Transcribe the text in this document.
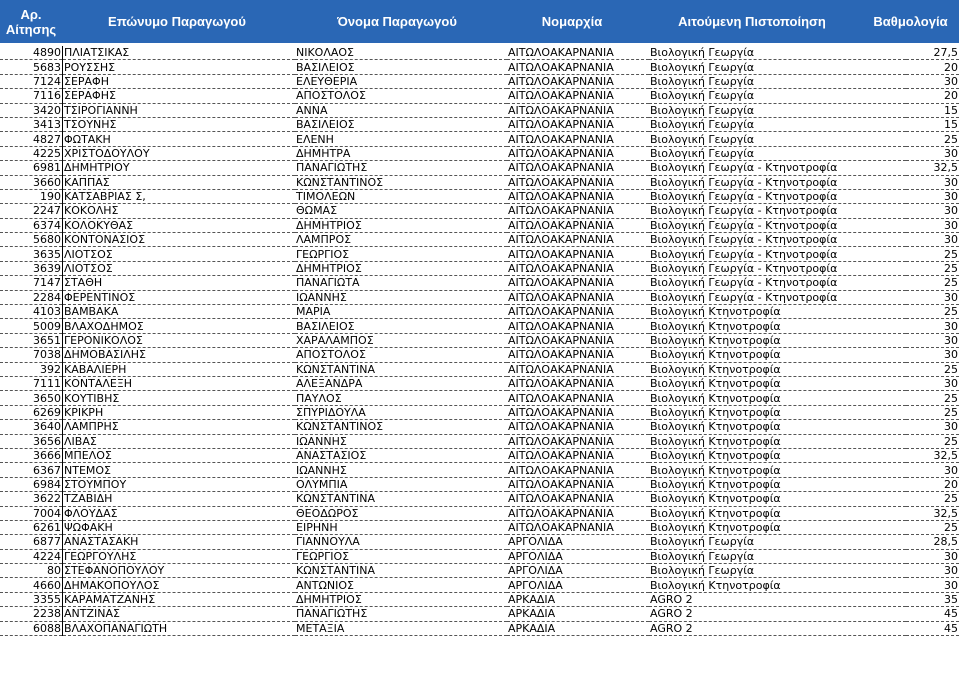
Αρ. Αίτησης	Επώνυμο Παραγωγού	Όνομα Παραγωγού	Νομαρχία	Αιτούμενη Πιστοποίηση	Βαθμολογία
4890	ΠΛΙΑΤΣΙΚΑΣ	ΝΙΚΟΛΑΟΣ	ΑΙΤΩΛΟΑΚΑΡΝΑΝΙΑ	Βιολογική Γεωργία	27,5
5683	ΡΟΥΣΣΗΣ	ΒΑΣΙΛΕΙΟΣ	ΑΙΤΩΛΟΑΚΑΡΝΑΝΙΑ	Βιολογική Γεωργία	20
7124	ΣΕΡΑΦΗ	ΕΛΕΥΘΕΡΙΑ	ΑΙΤΩΛΟΑΚΑΡΝΑΝΙΑ	Βιολογική Γεωργία	30
7116	ΣΕΡΑΦΗΣ	ΑΠΟΣΤΟΛΟΣ	ΑΙΤΩΛΟΑΚΑΡΝΑΝΙΑ	Βιολογική Γεωργία	20
3420	ΤΣΙΡΟΓΙΑΝΝΗ	ΑΝΝΑ	ΑΙΤΩΛΟΑΚΑΡΝΑΝΙΑ	Βιολογική Γεωργία	15
3413	ΤΣΟΥΝΗΣ	ΒΑΣΙΛΕΙΟΣ	ΑΙΤΩΛΟΑΚΑΡΝΑΝΙΑ	Βιολογική Γεωργία	15
4827	ΦΩΤΑΚΗ	ΕΛΕΝΗ	ΑΙΤΩΛΟΑΚΑΡΝΑΝΙΑ	Βιολογική Γεωργία	25
4225	ΧΡΙΣΤΟΔΟΥΛΟΥ	ΔΗΜΗΤΡΑ	ΑΙΤΩΛΟΑΚΑΡΝΑΝΙΑ	Βιολογική Γεωργία	30
6981	ΔΗΜΗΤΡΙΟΥ	ΠΑΝΑΓΙΩΤΗΣ	ΑΙΤΩΛΟΑΚΑΡΝΑΝΙΑ	Βιολογική Γεωργία - Κτηνοτροφία	32,5
3660	ΚΑΠΠΑΣ	ΚΩΝΣΤΑΝΤΙΝΟΣ	ΑΙΤΩΛΟΑΚΑΡΝΑΝΙΑ	Βιολογική Γεωργία - Κτηνοτροφία	30
190	ΚΑΤΣΑΒΡΙΑΣ Σ,	ΤΙΜΟΛΕΩΝ	ΑΙΤΩΛΟΑΚΑΡΝΑΝΙΑ	Βιολογική Γεωργία - Κτηνοτροφία	30
2247	ΚΟΚΟΛΗΣ	ΘΩΜΑΣ	ΑΙΤΩΛΟΑΚΑΡΝΑΝΙΑ	Βιολογική Γεωργία - Κτηνοτροφία	30
6374	ΚΟΛΟΚΥΘΑΣ	ΔΗΜΗΤΡΙΟΣ	ΑΙΤΩΛΟΑΚΑΡΝΑΝΙΑ	Βιολογική Γεωργία - Κτηνοτροφία	30
5680	ΚΟΝΤΟΝΑΣΙΟΣ	ΛΑΜΠΡΟΣ	ΑΙΤΩΛΟΑΚΑΡΝΑΝΙΑ	Βιολογική Γεωργία - Κτηνοτροφία	30
3635	ΛΙΟΤΣΟΣ	ΓΕΩΡΓΙΟΣ	ΑΙΤΩΛΟΑΚΑΡΝΑΝΙΑ	Βιολογική Γεωργία - Κτηνοτροφία	25
3639	ΛΙΟΤΣΟΣ	ΔΗΜΗΤΡΙΟΣ	ΑΙΤΩΛΟΑΚΑΡΝΑΝΙΑ	Βιολογική Γεωργία - Κτηνοτροφία	25
7147	ΣΤΑΘΗ	ΠΑΝΑΓΙΩΤΑ	ΑΙΤΩΛΟΑΚΑΡΝΑΝΙΑ	Βιολογική Γεωργία - Κτηνοτροφία	25
2284	ΦΕΡΕΝΤΙΝΟΣ	ΙΩΑΝΝΗΣ	ΑΙΤΩΛΟΑΚΑΡΝΑΝΙΑ	Βιολογική Γεωργία - Κτηνοτροφία	30
4103	ΒΑΜΒΑΚΑ	ΜΑΡΙΑ	ΑΙΤΩΛΟΑΚΑΡΝΑΝΙΑ	Βιολογική Κτηνοτροφία	25
5009	ΒΛΑΧΟΔΗΜΟΣ	ΒΑΣΙΛΕΙΟΣ	ΑΙΤΩΛΟΑΚΑΡΝΑΝΙΑ	Βιολογική Κτηνοτροφία	30
3651	ΓΕΡΟΝΙΚΟΛΟΣ	ΧΑΡΑΛΑΜΠΟΣ	ΑΙΤΩΛΟΑΚΑΡΝΑΝΙΑ	Βιολογική Κτηνοτροφία	30
7038	ΔΗΜΟΒΑΣΙΛΗΣ	ΑΠΟΣΤΟΛΟΣ	ΑΙΤΩΛΟΑΚΑΡΝΑΝΙΑ	Βιολογική Κτηνοτροφία	30
392	ΚΑΒΑΛΙΕΡΗ	ΚΩΝΣΤΑΝΤΙΝΑ	ΑΙΤΩΛΟΑΚΑΡΝΑΝΙΑ	Βιολογική Κτηνοτροφία	25
7111	ΚΟΝΤΑΛΕΞΗ	ΑΛΕΞΑΝΔΡΑ	ΑΙΤΩΛΟΑΚΑΡΝΑΝΙΑ	Βιολογική Κτηνοτροφία	30
3650	ΚΟΥΤΙΒΗΣ	ΠΑΥΛΟΣ	ΑΙΤΩΛΟΑΚΑΡΝΑΝΙΑ	Βιολογική Κτηνοτροφία	25
6269	ΚΡΙΚΡΗ	ΣΠΥΡΙΔΟΥΛΑ	ΑΙΤΩΛΟΑΚΑΡΝΑΝΙΑ	Βιολογική Κτηνοτροφία	25
3640	ΛΑΜΠΡΗΣ	ΚΩΝΣΤΑΝΤΙΝΟΣ	ΑΙΤΩΛΟΑΚΑΡΝΑΝΙΑ	Βιολογική Κτηνοτροφία	30
3656	ΛΙΒΑΣ	ΙΩΑΝΝΗΣ	ΑΙΤΩΛΟΑΚΑΡΝΑΝΙΑ	Βιολογική Κτηνοτροφία	25
3666	ΜΠΕΛΟΣ	ΑΝΑΣΤΑΣΙΟΣ	ΑΙΤΩΛΟΑΚΑΡΝΑΝΙΑ	Βιολογική Κτηνοτροφία	32,5
6367	ΝΤΕΜΟΣ	ΙΩΑΝΝΗΣ	ΑΙΤΩΛΟΑΚΑΡΝΑΝΙΑ	Βιολογική Κτηνοτροφία	30
6984	ΣΤΟΥΜΠΟΥ	ΟΛΥΜΠΙΑ	ΑΙΤΩΛΟΑΚΑΡΝΑΝΙΑ	Βιολογική Κτηνοτροφία	20
3622	ΤΖΑΒΙΔΗ	ΚΩΝΣΤΑΝΤΙΝΑ	ΑΙΤΩΛΟΑΚΑΡΝΑΝΙΑ	Βιολογική Κτηνοτροφία	25
7004	ΦΛΟΥΔΑΣ	ΘΕΟΔΩΡΟΣ	ΑΙΤΩΛΟΑΚΑΡΝΑΝΙΑ	Βιολογική Κτηνοτροφία	32,5
6261	ΨΩΦΑΚΗ	ΕΙΡΗΝΗ	ΑΙΤΩΛΟΑΚΑΡΝΑΝΙΑ	Βιολογική Κτηνοτροφία	25
6877	ΑΝΑΣΤΑΣΑΚΗ	ΓΙΑΝΝΟΥΛΑ	ΑΡΓΟΛΙΔΑ	Βιολογική Γεωργία	28,5
4224	ΓΕΩΡΓΟΥΛΗΣ	ΓΕΩΡΓΙΟΣ	ΑΡΓΟΛΙΔΑ	Βιολογική Γεωργία	30
80	ΣΤΕΦΑΝΟΠΟΥΛΟΥ	ΚΩΝΣΤΑΝΤΙΝΑ	ΑΡΓΟΛΙΔΑ	Βιολογική Γεωργία	30
4660	ΔΗΜΑΚΟΠΟΥΛΟΣ	ΑΝΤΩΝΙΟΣ	ΑΡΓΟΛΙΔΑ	Βιολογική Κτηνοτροφία	30
3355	ΚΑΡΑΜΑΤΖΑΝΗΣ	ΔΗΜΗΤΡΙΟΣ	ΑΡΚΑΔΙΑ	AGRO 2	35
2238	ΑΝΤΖΙΝΑΣ	ΠΑΝΑΓΙΩΤΗΣ	ΑΡΚΑΔΙΑ	AGRO 2	45
6088	ΒΛΑΧΟΠΑΝΑΓΙΩΤΗ	ΜΕΤΑΞΙΑ	ΑΡΚΑΔΙΑ	AGRO 2	45
